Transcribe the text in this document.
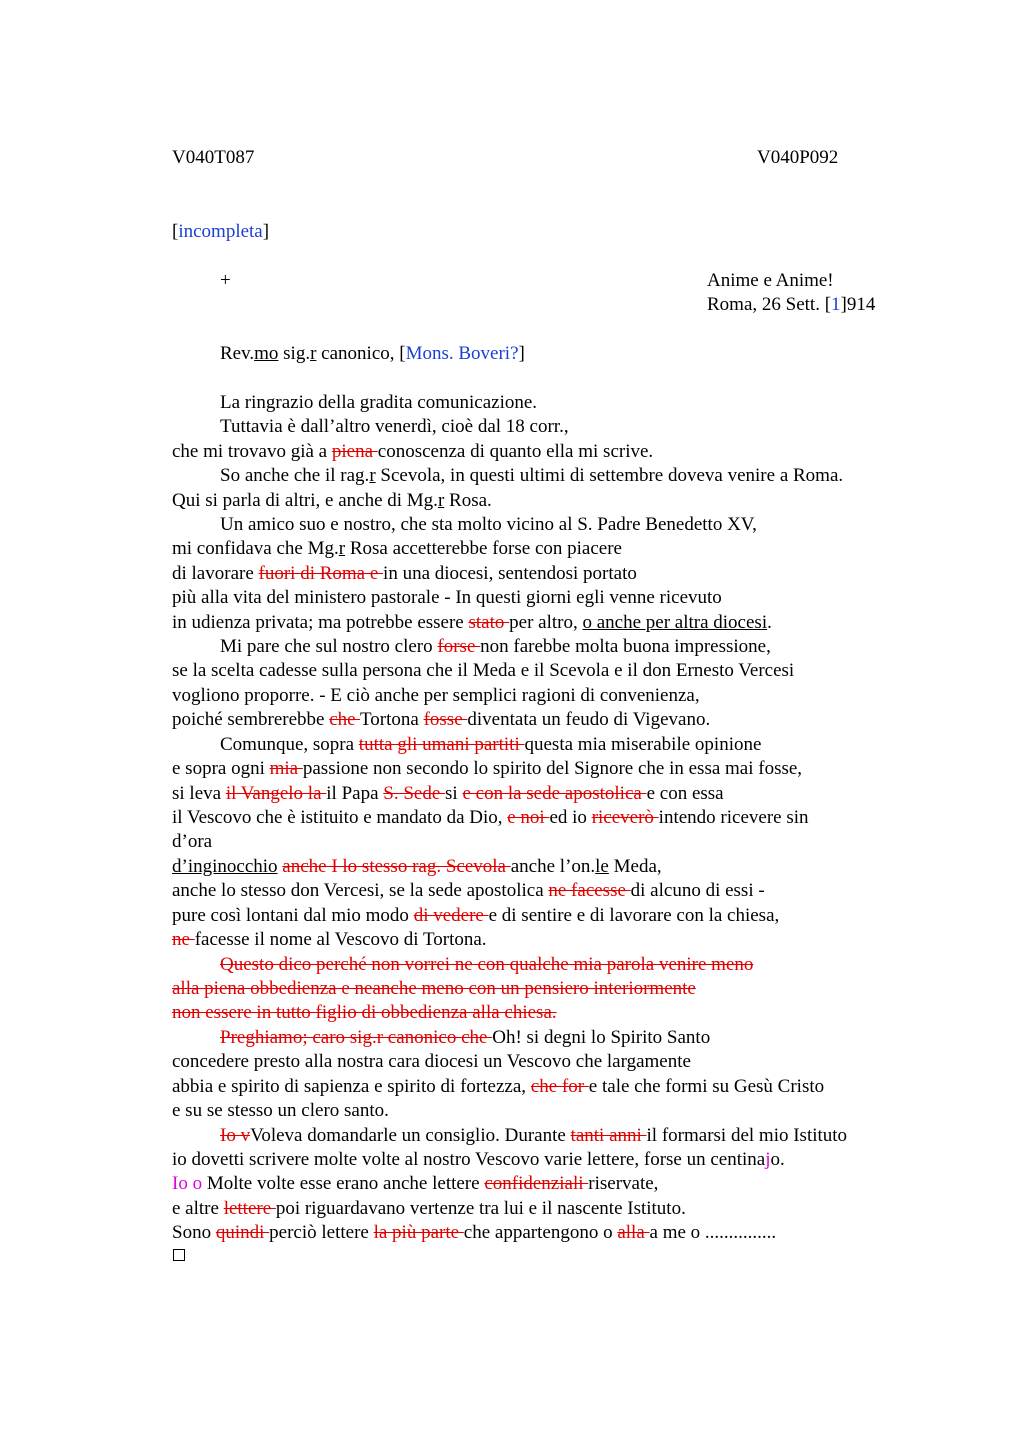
V040T087	V040P092
[incompleta]
+	Anime e Anime!
Roma, 26 Sett. [1]914
Rev.mo sig.r canonico, [Mons. Boveri?]
La ringrazio della gradita comunicazione.
Tuttavia è dall’altro venerdì, cioè dal 18 corr.,
che mi trovavo già a piena conoscenza di quanto ella mi scrive.
So anche che il rag.r Scevola, in questi ultimi di settembre doveva venire a Roma.
Qui si parla di altri, e anche di Mg.r Rosa.
Un amico suo e nostro, che sta molto vicino al S. Padre Benedetto XV,
mi confidava che Mg.r Rosa accetterebbe forse con piacere
di lavorare fuori di Roma e in una diocesi, sentendosi portato
più alla vita del ministero pastorale - In questi giorni egli venne ricevuto
in udienza privata; ma potrebbe essere stato per altro, o anche per altra diocesi.
Mi pare che sul nostro clero forse non farebbe molta buona impressione,
se la scelta cadesse sulla persona che il Meda e il Scevola e il don Ernesto Vercesi
vogliono proporre. - E ciò anche per semplici ragioni di convenienza,
poiché sembrerebbe che Tortona fosse diventata un feudo di Vigevano.
Comunque, sopra tutta gli umani partiti questa mia miserabile opinione
e sopra ogni mia passione non secondo lo spirito del Signore che in essa mai fosse,
si leva il Vangelo la il Papa S. Sede si e con la sede apostolica e con essa
il Vescovo che è istituito e mandato da Dio, e noi ed io riceverò intendo ricevere sin
d’ora
d’inginocchio anche I lo stesso rag. Scevola anche l’on.le Meda,
anche lo stesso don Vercesi, se la sede apostolica ne facesse di alcuno di essi -
pure così lontani dal mio modo di vedere e di sentire e di lavorare con la chiesa,
ne facesse il nome al Vescovo di Tortona.
Questo dico perché non vorrei ne con qualche mia parola venire meno
alla piena obbedienza e neanche meno con un pensiero interiormente
non essere in tutto figlio di obbedienza alla chiesa.
Preghiamo; caro sig.r canonico che Oh! si degni lo Spirito Santo
concedere presto alla nostra cara diocesi un Vescovo che largamente
abbia e spirito di sapienza e spirito di fortezza, che for e tale che formi su Gesù Cristo
e su se stesso un clero santo.
Io vVoleva domandarle un consiglio. Durante tanti anni il formarsi del mio Istituto
io dovetti scrivere molte volte al nostro Vescovo varie lettere, forse un centinajo.
Io o Molte volte esse erano anche lettere confidenziali riservate,
e altre lettere poi riguardavano vertenze tra lui e il nascente Istituto.
Sono quindi perciò lettere la più parte che appartengono o alla a me o ...............
